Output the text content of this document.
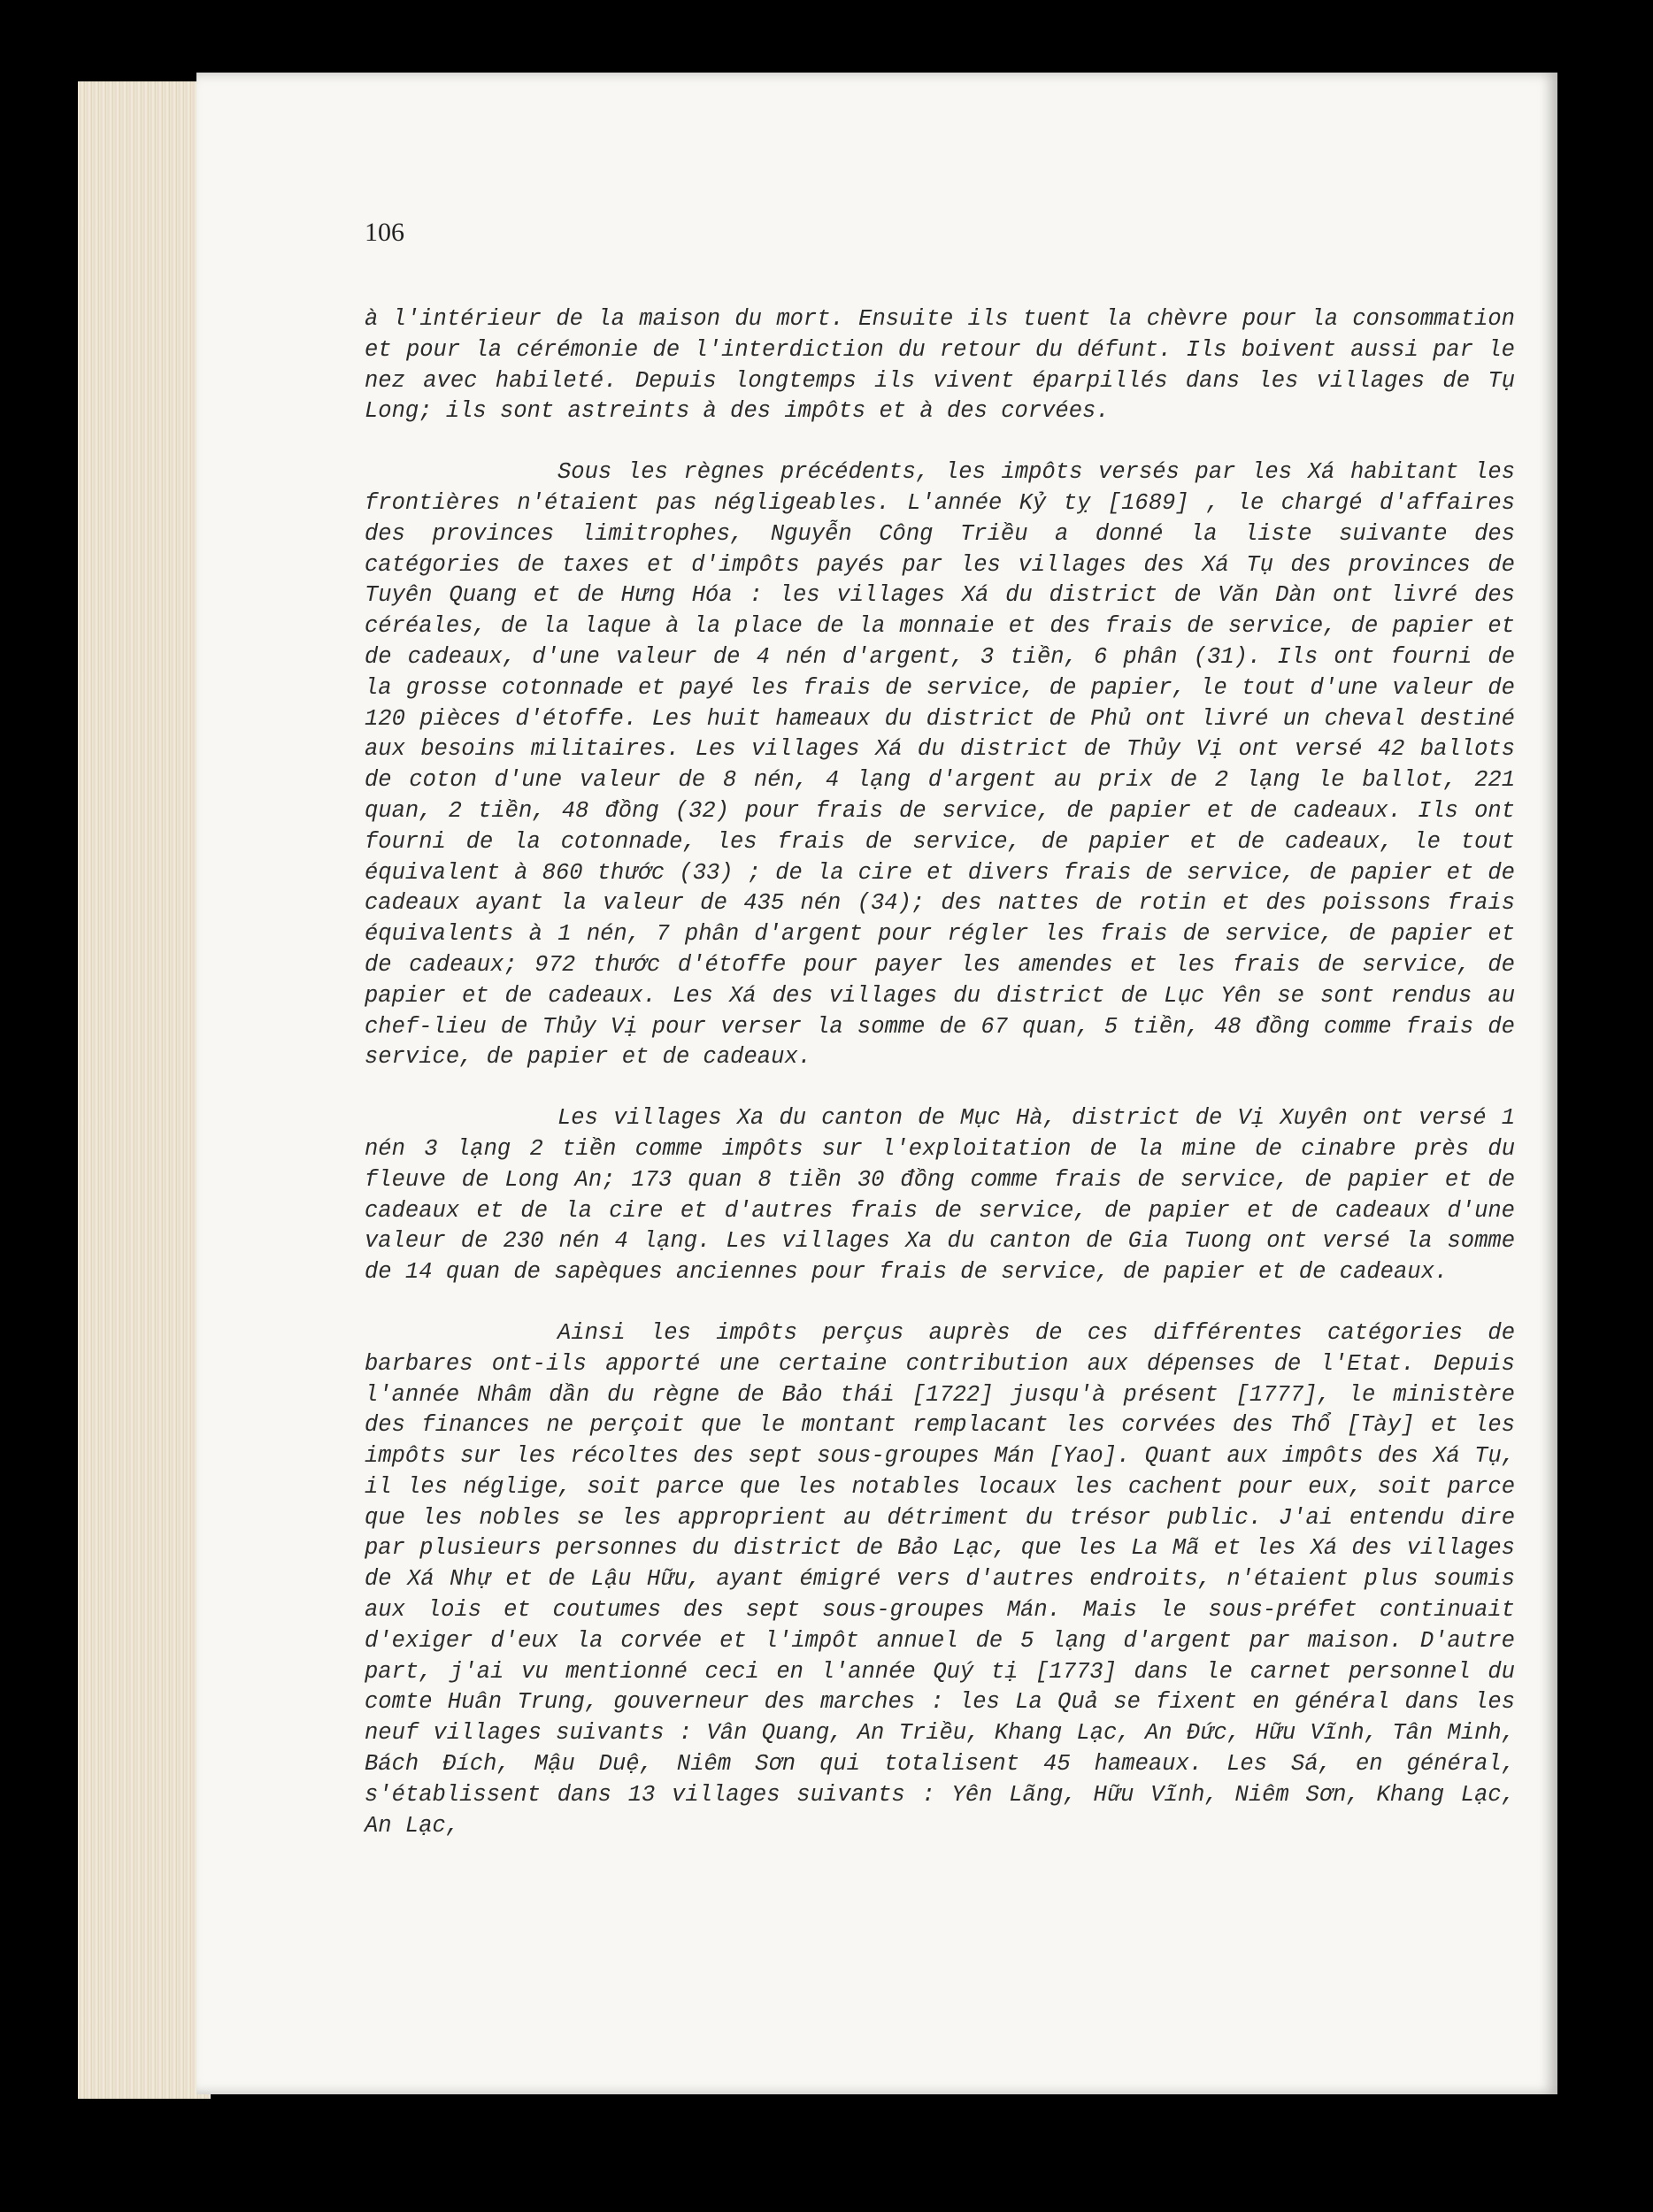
106

à l'intérieur de la maison du mort. Ensuite ils tuent la chèvre pour la consommation et pour la cérémonie de l'interdiction du retour du défunt. Ils boivent aussi par le nez avec habileté. Depuis longtemps ils vivent éparpillés dans les villages de Tụ Long; ils sont astreints à des impôts et à des corvées.

Sous les règnes précédents, les impôts versés par les Xá habitant les frontières n'étaient pas négligeables. L'année Kỷ tỵ [1689] , le chargé d'affaires des provinces limitrophes, Nguyễn Công Triều a donné la liste suivante des catégories de taxes et d'impôts payés par les villages des Xá Tụ des provinces de Tuyên Quang et de Hưng Hóa : les villages Xá du district de Văn Dàn ont livré des céréales, de la laque à la place de la monnaie et des frais de service, de papier et de cadeaux, d'une valeur de 4 nén d'argent, 3 tiền, 6 phân (31). Ils ont fourni de la grosse cotonnade et payé les frais de service, de papier, le tout d'une valeur de 120 pièces d'étoffe. Les huit hameaux du district de Phủ ont livré un cheval destiné aux besoins militaires. Les villages Xá du district de Thủy Vị ont versé 42 ballots de coton d'une valeur de 8 nén, 4 lạng d'argent au prix de 2 lạng le ballot, 221 quan, 2 tiền, 48 đồng (32) pour frais de service, de papier et de cadeaux. Ils ont fourni de la cotonnade, les frais de service, de papier et de cadeaux, le tout équivalent à 860 thước (33) ; de la cire et divers frais de service, de papier et de cadeaux ayant la valeur de 435 nén (34); des nattes de rotin et des poissons frais équivalents à 1 nén, 7 phân d'argent pour régler les frais de service, de papier et de cadeaux; 972 thước d'étoffe pour payer les amendes et les frais de service, de papier et de cadeaux. Les Xá des villages du district de Lục Yên se sont rendus au chef-lieu de Thủy Vị pour verser la somme de 67 quan, 5 tiền, 48 đồng comme frais de service, de papier et de cadeaux.

Les villages Xa du canton de Mục Hà, district de Vị Xuyên ont versé 1 nén 3 lạng 2 tiền comme impôts sur l'exploitation de la mine de cinabre près du fleuve de Long An; 173 quan 8 tiền 30 đồng comme frais de service, de papier et de cadeaux et de la cire et d'autres frais de service, de papier et de cadeaux d'une valeur de 230 nén 4 lạng. Les villages Xa du canton de Gia Tuong ont versé la somme de 14 quan de sapèques anciennes pour frais de service, de papier et de cadeaux.

Ainsi les impôts perçus auprès de ces différentes catégories de barbares ont-ils apporté une certaine contribution aux dépenses de l'Etat. Depuis l'année Nhâm dần du règne de Bảo thái [1722] jusqu'à présent [1777], le ministère des finances ne perçoit que le montant remplacant les corvées des Thổ [Tày] et les impôts sur les récoltes des sept sous-groupes Mán [Yao]. Quant aux impôts des Xá Tụ, il les néglige, soit parce que les notables locaux les cachent pour eux, soit parce que les nobles se les approprient au détriment du trésor public. J'ai entendu dire par plusieurs personnes du district de Bảo Lạc, que les La Mã et les Xá des villages de Xá Nhự et de Lậu Hữu, ayant émigré vers d'autres endroits, n'étaient plus soumis aux lois et coutumes des sept sous-groupes Mán. Mais le sous-préfet continuait d'exiger d'eux la corvée et l'impôt annuel de 5 lạng d'argent par maison. D'autre part, j'ai vu mentionné ceci en l'année Quý tị [1773] dans le carnet personnel du comte Huân Trung, gouverneur des marches : les La Quả se fixent en général dans les neuf villages suivants : Vân Quang, An Triều, Khang Lạc, An Đức, Hữu Vĩnh, Tân Minh, Bách Đích, Mậu Duệ, Niêm Sơn qui totalisent 45 hameaux. Les Sá, en général, s'établissent dans 13 villages suivants : Yên Lãng, Hữu Vĩnh, Niêm Sơn, Khang Lạc, An Lạc,
